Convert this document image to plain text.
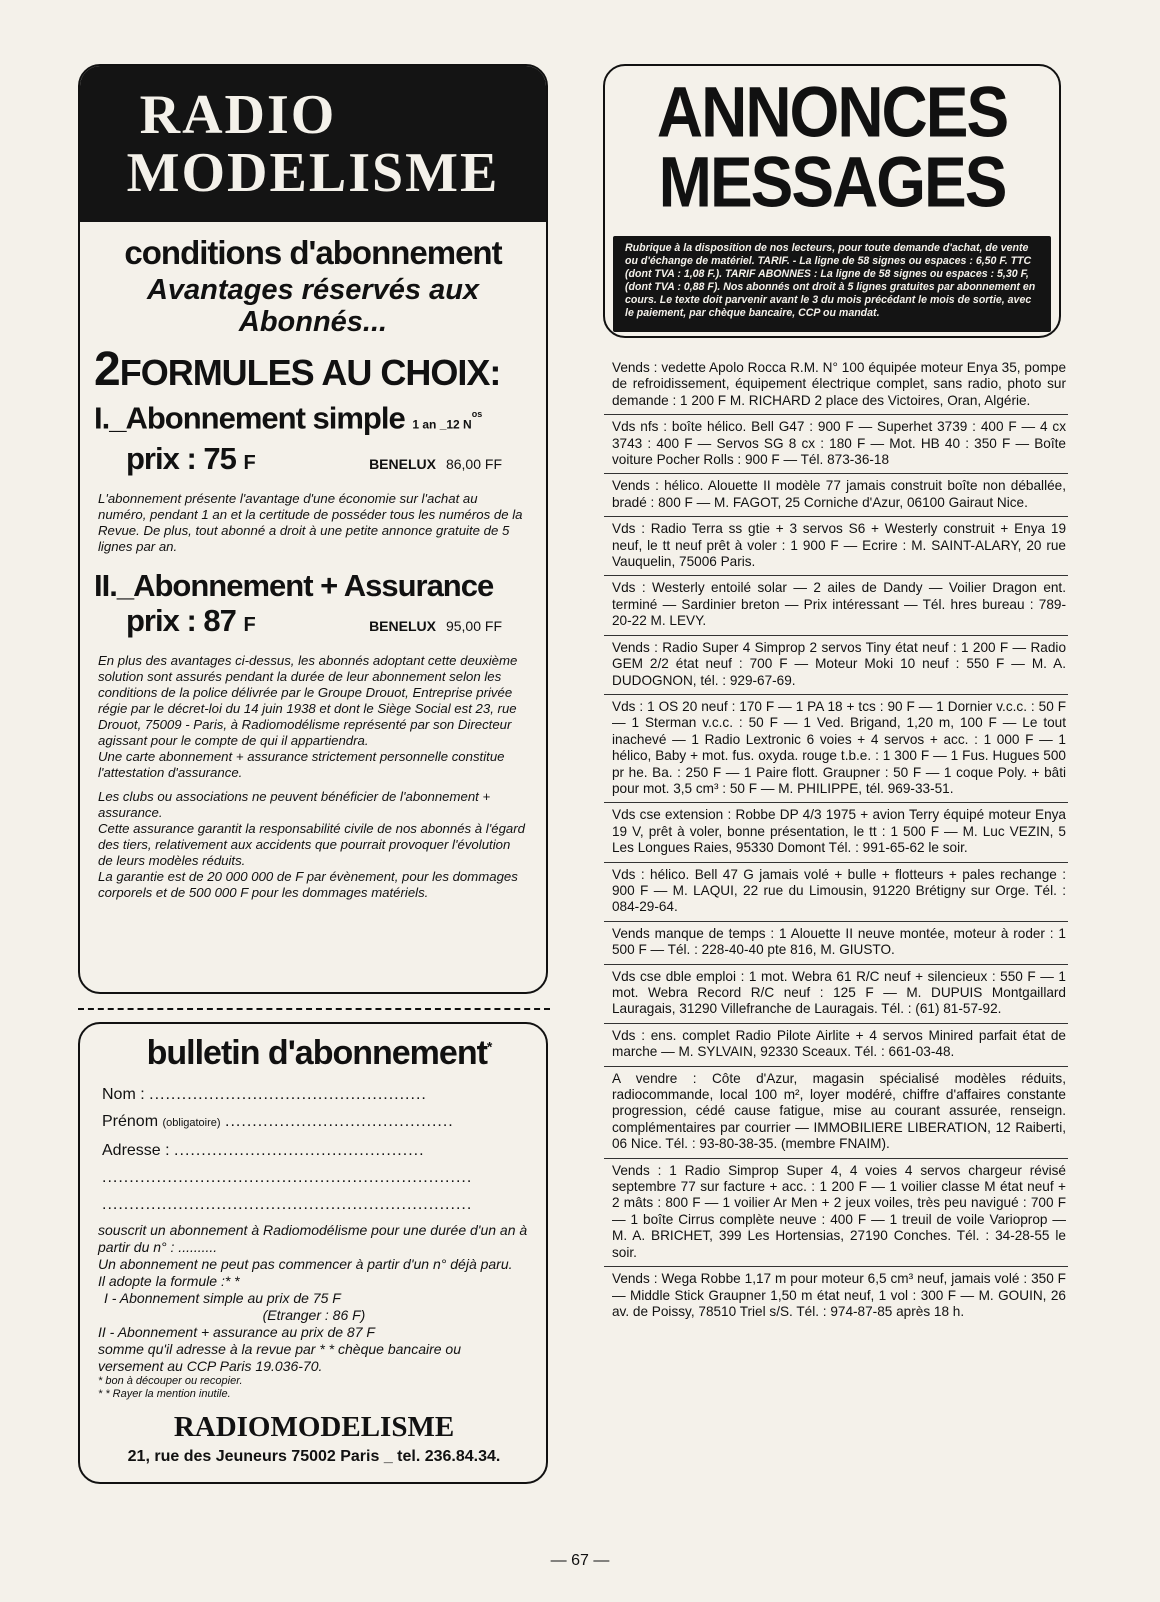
RADIO
MODELISME
conditions d'abonnement
Avantages réservés aux
Abonnés...
2FORMULES AU CHOIX:
I._Abonnement simple 1 an _12 $N^{os}$
prix : 75 F	BENELUX 86,00 FF

L'abonnement présente l'avantage d'une économie sur l'achat au numéro, pendant 1 an et la certitude de posséder tous les numéros de la Revue. De plus, tout abonné a droit à une petite annonce gratuite de 5 lignes par an.

II._Abonnement + Assurance
prix : 87 F	BENELUX 95,00 FF

En plus des avantages ci-dessus, les abonnés adoptant cette deuxième solution sont assurés pendant la durée de leur abonnement selon les conditions de la police délivrée par le Groupe Drouot, Entreprise privée régie par le décret-loi du 14 juin 1938 et dont le Siège Social est 23, rue Drouot, 75009 - Paris, à Radiomodélisme représenté par son Directeur agissant pour le compte de qui il appartiendra.

Une carte abonnement + assurance strictement personnelle constitue l'attestation d'assurance.

Les clubs ou associations ne peuvent bénéficier de l'abonnement + assurance.

Cette assurance garantit la responsabilité civile de nos abonnés à l'égard des tiers, relativement aux accidents que pourrait provoquer l'évolution de leurs modèles réduits.

La garantie est de 20 000 000 de F par évènement, pour les dommages corporels et de 500 000 F pour les dommages matériels.

bulletin d'abonnement*
Nom : ...................................................
Prénom (obligatoire) ..........................................
Adresse : ..............................................
....................................................................
....................................................................

souscrit un abonnement à Radiomodélisme pour une durée d'un an à partir du n° : ..........

Un abonnement ne peut pas commencer à partir d'un n° déjà paru.

Il adopte la formule :* *

I - Abonnement simple au prix de 75 F

(Etranger : 86 F)

II - Abonnement + assurance au prix de 87 F

somme qu'il adresse à la revue par * * chèque bancaire ou versement au CCP Paris 19.036-70.

* bon à découper ou recopier.

* * Rayer la mention inutile.

RADIOMODELISME
21, rue des Jeuneurs 75002 Paris _ tel. 236.84.34.
ANNONCES
MESSAGES
Rubrique à la disposition de nos lecteurs, pour toute demande d'achat, de vente ou d'échange de matériel. TARIF. - La ligne de 58 signes ou espaces : 6,50 F. TTC (dont TVA : 1,08 F.). TARIF ABONNES : La ligne de 58 signes ou espaces : 5,30 F, (dont TVA : 0,88 F). Nos abonnés ont droit à 5 lignes gratuites par abonnement en cours. Le texte doit parvenir avant le 3 du mois précédant le mois de sortie, avec le paiement, par chèque bancaire, CCP ou mandat.
Vends : vedette Apolo Rocca R.M. N° 100 équipée moteur Enya 35, pompe de refroidissement, équipement électrique complet, sans radio, photo sur demande : 1 200 F M. RICHARD 2 place des Victoires, Oran, Algérie.
Vds nfs : boîte hélico. Bell G47 : 900 F — Superhet 3739 : 400 F — 4 cx 3743 : 400 F — Servos SG 8 cx : 180 F — Mot. HB 40 : 350 F — Boîte voiture Pocher Rolls : 900 F — Tél. 873-36-18
Vends : hélico. Alouette II modèle 77 jamais construit boîte non déballée, bradé : 800 F — M. FAGOT, 25 Corniche d'Azur, 06100 Gairaut Nice.
Vds : Radio Terra ss gtie + 3 servos S6 + Westerly construit + Enya 19 neuf, le tt neuf prêt à voler : 1 900 F — Ecrire : M. SAINT-ALARY, 20 rue Vauquelin, 75006 Paris.
Vds : Westerly entoilé solar — 2 ailes de Dandy — Voilier Dragon ent. terminé — Sardinier breton — Prix intéressant — Tél. hres bureau : 789-20-22 M. LEVY.
Vends : Radio Super 4 Simprop 2 servos Tiny état neuf : 1 200 F — Radio GEM 2/2 état neuf : 700 F — Moteur Moki 10 neuf : 550 F — M. A. DUDOGNON, tél. : 929-67-69.
Vds : 1 OS 20 neuf : 170 F — 1 PA 18 + tcs : 90 F — 1 Dornier v.c.c. : 50 F — 1 Sterman v.c.c. : 50 F — 1 Ved. Brigand, 1,20 m, 100 F — Le tout inachevé — 1 Radio Lextronic 6 voies + 4 servos + acc. : 1 000 F — 1 hélico, Baby + mot. fus. oxyda. rouge t.b.e. : 1 300 F — 1 Fus. Hugues 500 pr he. Ba. : 250 F — 1 Paire flott. Graupner : 50 F — 1 coque Poly. + bâti pour mot. 3,5 cm³ : 50 F — M. PHILIPPE, tél. 969-33-51.
Vds cse extension : Robbe DP 4/3 1975 + avion Terry équipé moteur Enya 19 V, prêt à voler, bonne présentation, le tt : 1 500 F — M. Luc VEZIN, 5 Les Longues Raies, 95330 Domont Tél. : 991-65-62 le soir.
Vds : hélico. Bell 47 G jamais volé + bulle + flotteurs + pales rechange : 900 F — M. LAQUI, 22 rue du Limousin, 91220 Brétigny sur Orge. Tél. : 084-29-64.
Vends manque de temps : 1 Alouette II neuve montée, moteur à roder : 1 500 F — Tél. : 228-40-40 pte 816, M. GIUSTO.
Vds cse dble emploi : 1 mot. Webra 61 R/C neuf + silencieux : 550 F — 1 mot. Webra Record R/C neuf : 125 F — M. DUPUIS Montgaillard Lauragais, 31290 Villefranche de Lauragais. Tél. : (61) 81-57-92.
Vds : ens. complet Radio Pilote Airlite + 4 servos Minired parfait état de marche — M. SYLVAIN, 92330 Sceaux. Tél. : 661-03-48.
A vendre : Côte d'Azur, magasin spécialisé modèles réduits, radiocommande, local 100 m², loyer modéré, chiffre d'affaires constante progression, cédé cause fatigue, mise au courant assurée, renseign. complémentaires par courrier — IMMOBILIERE LIBERATION, 12 Raiberti, 06 Nice. Tél. : 93-80-38-35. (membre FNAIM).
Vends : 1 Radio Simprop Super 4, 4 voies 4 servos chargeur révisé septembre 77 sur facture + acc. : 1 200 F — 1 voilier classe M état neuf + 2 mâts : 800 F — 1 voilier Ar Men + 2 jeux voiles, très peu navigué : 700 F — 1 boîte Cirrus complète neuve : 400 F — 1 treuil de voile Varioprop — M. A. BRICHET, 399 Les Hortensias, 27190 Conches. Tél. : 34-28-55 le soir.
Vends : Wega Robbe 1,17 m pour moteur 6,5 cm³ neuf, jamais volé : 350 F — Middle Stick Graupner 1,50 m état neuf, 1 vol : 300 F — M. GOUIN, 26 av. de Poissy, 78510 Triel s/S. Tél. : 974-87-85 après 18 h.
— 67 —
